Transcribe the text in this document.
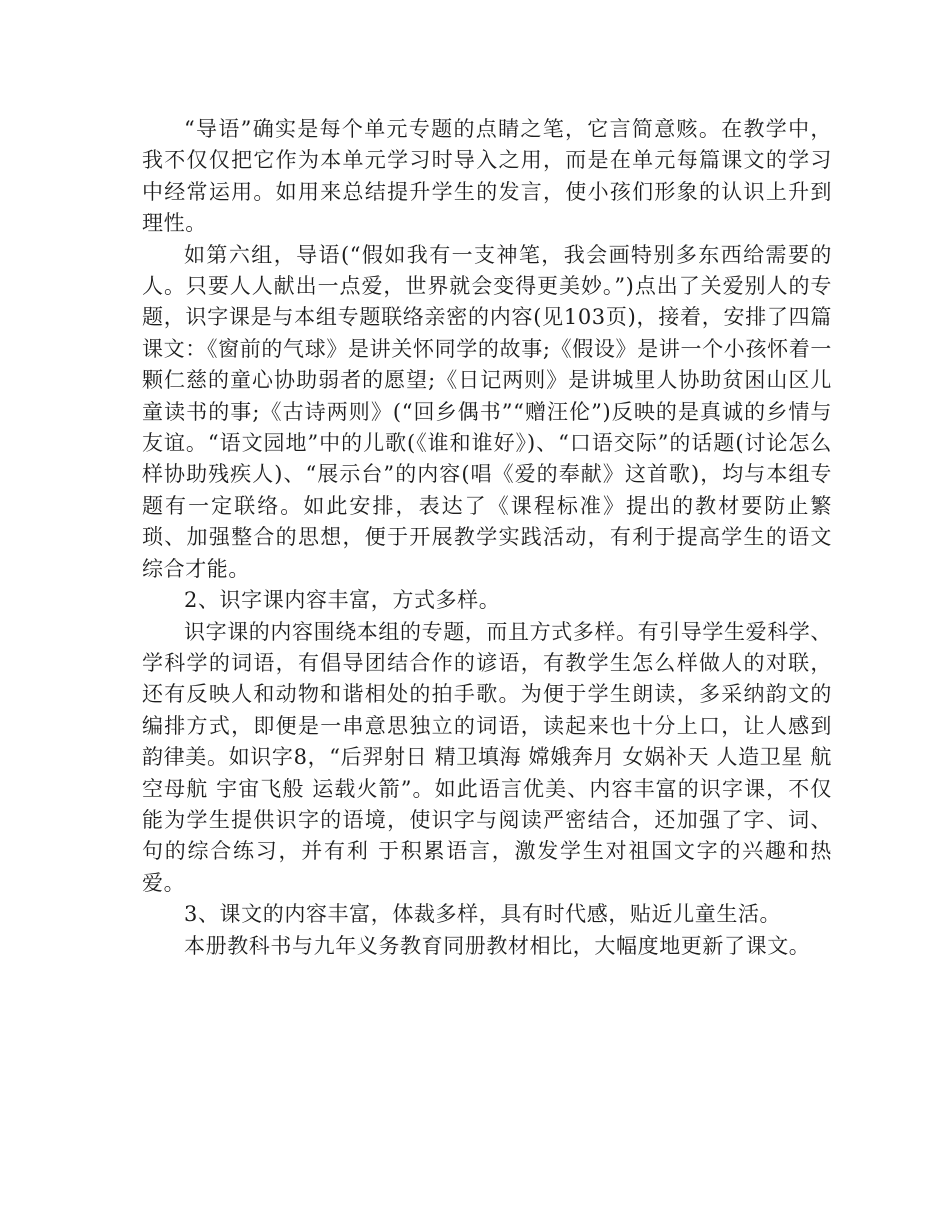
“导语”确实是每个单元专题的点睛之笔，它言简意赅。在教学中，我不仅仅把它作为本单元学习时导入之用，而是在单元每篇课文的学习中经常运用。如用来总结提升学生的发言，使小孩们形象的认识上升到理性。

如第六组，导语(“假如我有一支神笔，我会画特别多东西给需要的人。只要人人献出一点爱，世界就会变得更美妙。”)点出了关爱别人的专题，识字课是与本组专题联络亲密的内容(见103页)，接着，安排了四篇课文：《窗前的气球》是讲关怀同学的故事;《假设》是讲一个小孩怀着一颗仁慈的童心协助弱者的愿望;《日记两则》是讲城里人协助贫困山区儿童读书的事;《古诗两则》(“回乡偶书”“赠汪伦”)反映的是真诚的乡情与友谊。“语文园地”中的儿歌(《谁和谁好》)、“口语交际”的话题(讨论怎么样协助残疾人)、“展示台”的内容(唱《爱的奉献》这首歌)，均与本组专题有一定联络。如此安排，表达了《课程标准》提出的教材要防止繁琐、加强整合的思想，便于开展教学实践活动，有利于提高学生的语文综合才能。

2、识字课内容丰富，方式多样。

识字课的内容围绕本组的专题，而且方式多样。有引导学生爱科学、学科学的词语，有倡导团结合作的谚语，有教学生怎么样做人的对联，还有反映人和动物和谐相处的拍手歌。为便于学生朗读，多采纳韵文的编排方式，即便是一串意思独立的词语，读起来也十分上口，让人感到韵律美。如识字8，“后羿射日 精卫填海 嫦娥奔月 女娲补天 人造卫星 航空母航 宇宙飞般 运载火箭”。如此语言优美、内容丰富的识字课，不仅能为学生提供识字的语境，使识字与阅读严密结合，还加强了字、词、句的综合练习，并有利 于积累语言，激发学生对祖国文字的兴趣和热爱。

3、课文的内容丰富，体裁多样，具有时代感，贴近儿童生活。

本册教科书与九年义务教育同册教材相比，大幅度地更新了课文。
